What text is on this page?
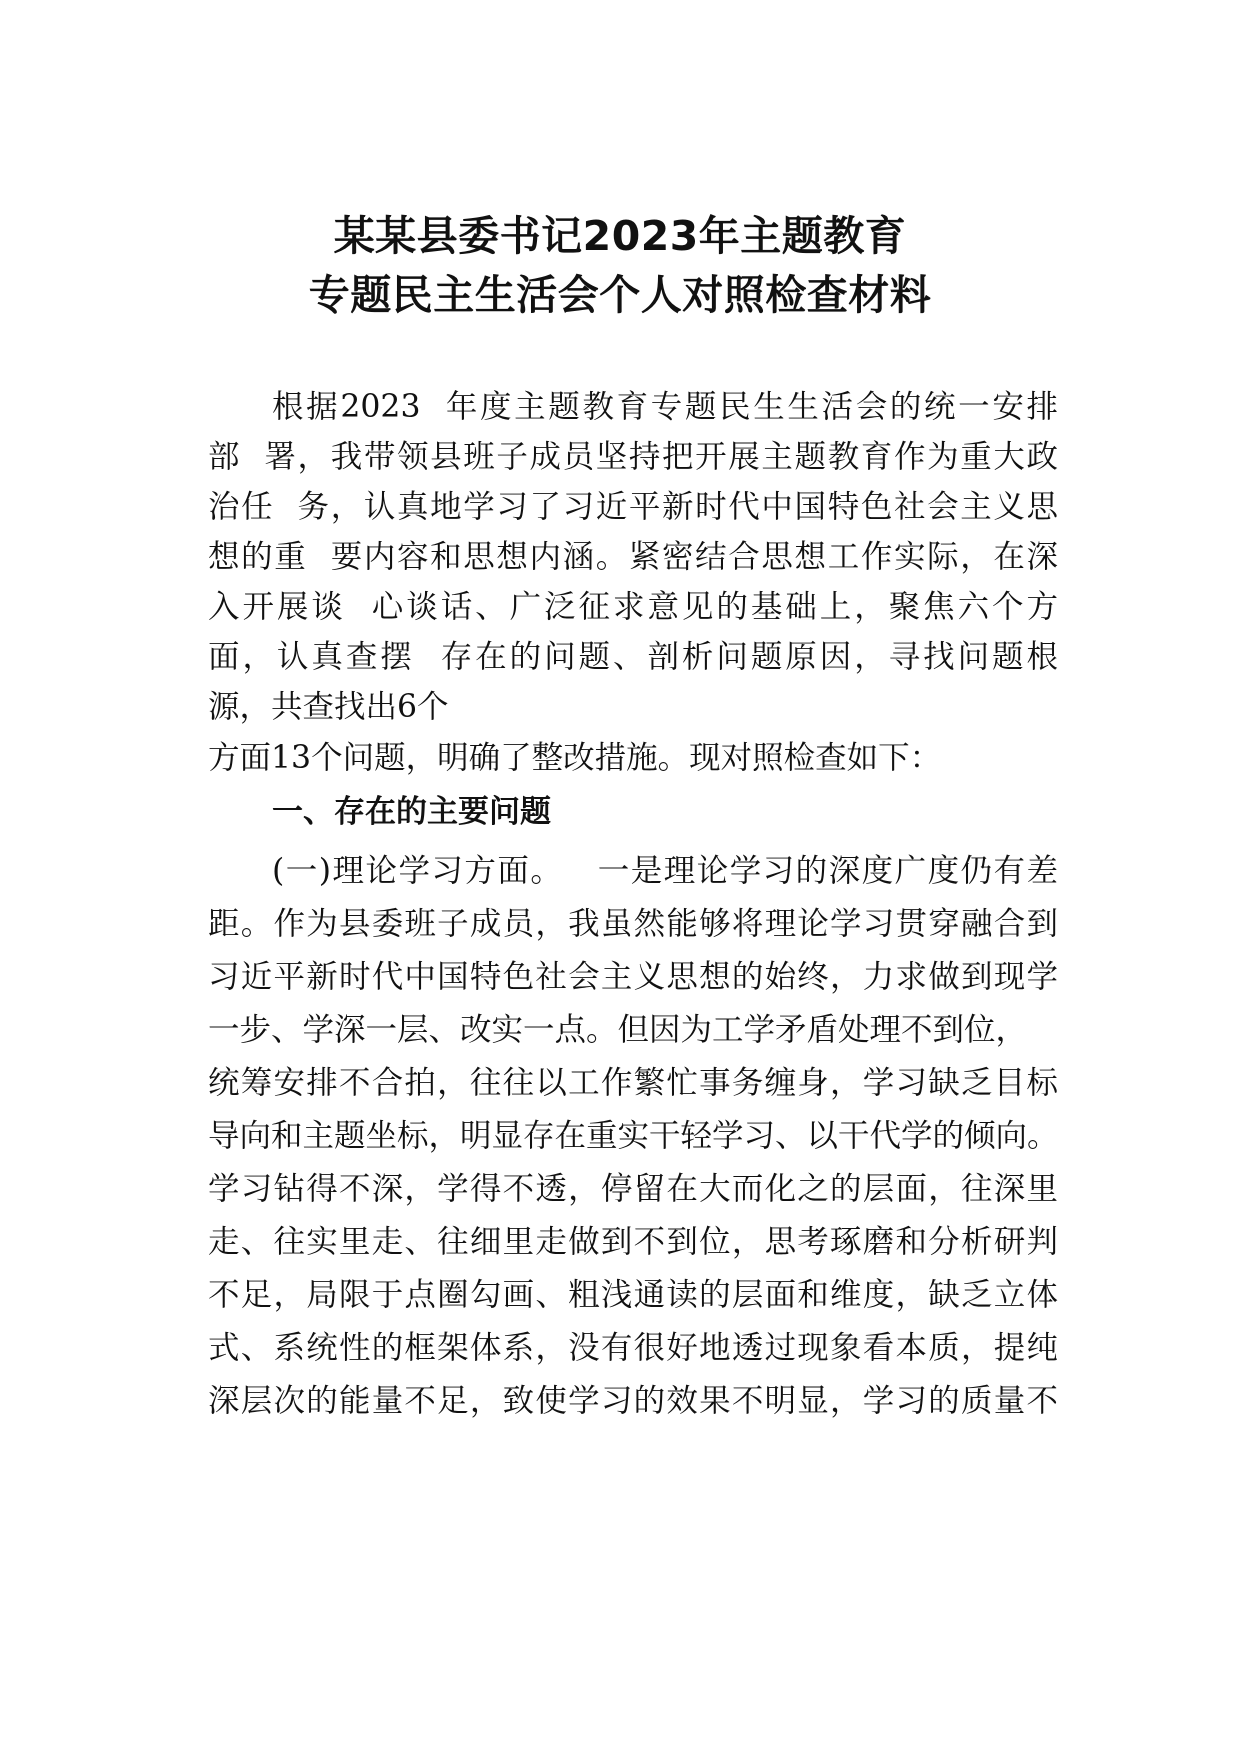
某某县委书记2023年主题教育
专题民主生活会个人对照检查材料
根据2023  年度主题教育专题民生生活会的统一安排
部  署，我带领县班子成员坚持把开展主题教育作为重大政
治任  务，认真地学习了习近平新时代中国特色社会主义思
想的重  要内容和思想内涵。紧密结合思想工作实际，在深
入开展谈  心谈话、广泛征求意见的基础上，聚焦六个方
面，认真查摆  存在的问题、剖析问题原因，寻找问题根
源，共查找出6个
方面13个问题，明确了整改措施。现对照检查如下：
一、存在的主要问题
(一)理论学习方面。   一是理论学习的深度广度仍有差
距。作为县委班子成员，我虽然能够将理论学习贯穿融合到
习近平新时代中国特色社会主义思想的始终，力求做到现学
一步、学深一层、改实一点。但因为工学矛盾处理不到位，
统筹安排不合拍，往往以工作繁忙事务缠身，学习缺乏目标
导向和主题坐标，明显存在重实干轻学习、以干代学的倾向。
学习钻得不深，学得不透，停留在大而化之的层面，往深里
走、往实里走、往细里走做到不到位，思考琢磨和分析研判
不足，局限于点圈勾画、粗浅通读的层面和维度，缺乏立体
式、系统性的框架体系，没有很好地透过现象看本质，提纯
深层次的能量不足，致使学习的效果不明显，学习的质量不
